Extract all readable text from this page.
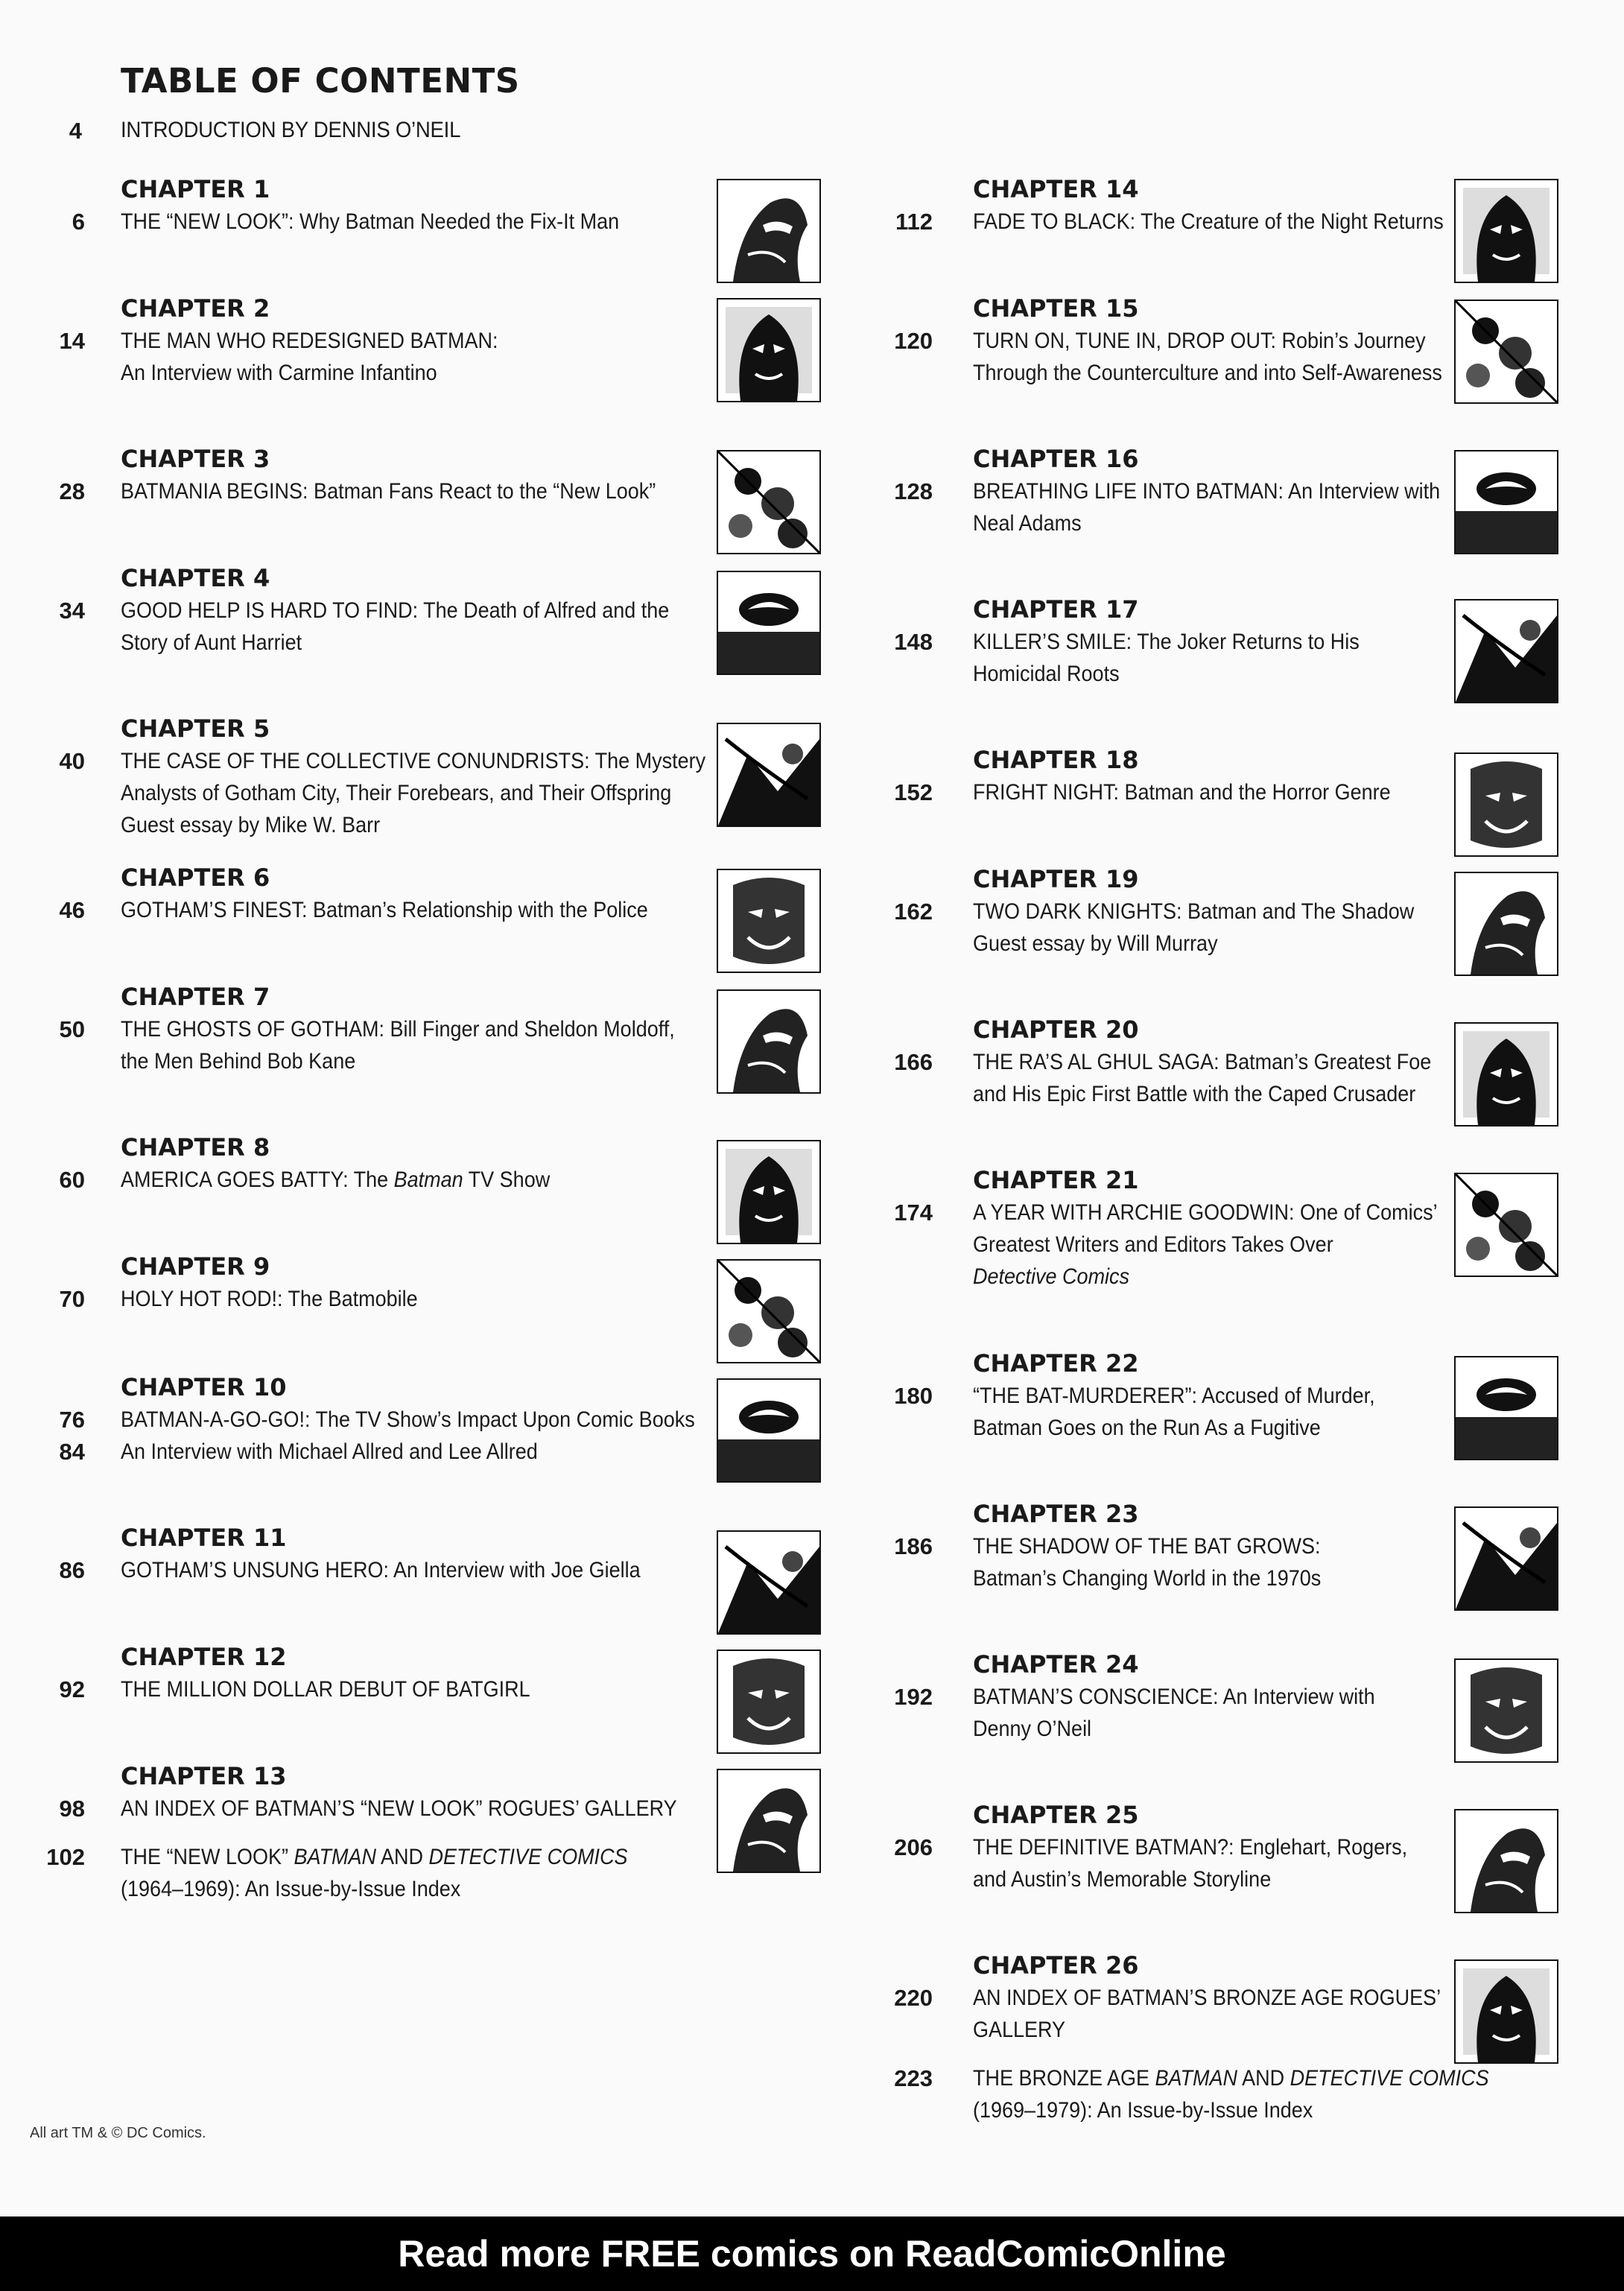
TABLE OF CONTENTS
4 INTRODUCTION BY DENNIS O’NEIL
CHAPTER 1
THE “NEW LOOK”: Why Batman Needed the Fix-It Man
6
CHAPTER 2
THE MAN WHO REDESIGNED BATMAN:
An Interview with Carmine Infantino
14
CHAPTER 3
BATMANIA BEGINS: Batman Fans React to the “New Look”
28
CHAPTER 4
GOOD HELP IS HARD TO FIND: The Death of Alfred and the
Story of Aunt Harriet
34
CHAPTER 5
THE CASE OF THE COLLECTIVE CONUNDRISTS: The Mystery
Analysts of Gotham City, Their Forebears, and Their Offspring
Guest essay by Mike W. Barr
40
CHAPTER 6
GOTHAM’S FINEST: Batman’s Relationship with the Police
46
CHAPTER 7
THE GHOSTS OF GOTHAM: Bill Finger and Sheldon Moldoff,
the Men Behind Bob Kane
50
CHAPTER 8
AMERICA GOES BATTY: The Batman TV Show
60
CHAPTER 9
HOLY HOT ROD!: The Batmobile
70
CHAPTER 10
BATMAN-A-GO-GO!: The TV Show’s Impact Upon Comic Books
An Interview with Michael Allred and Lee Allred
76
84
CHAPTER 11
GOTHAM’S UNSUNG HERO: An Interview with Joe Giella
86
CHAPTER 12
THE MILLION DOLLAR DEBUT OF BATGIRL
92
CHAPTER 13
AN INDEX OF BATMAN’S “NEW LOOK” ROGUES’ GALLERY
THE “NEW LOOK” BATMAN AND DETECTIVE COMICS
(1964–1969): An Issue-by-Issue Index
98
102
CHAPTER 14
FADE TO BLACK: The Creature of the Night Returns
112
CHAPTER 15
TURN ON, TUNE IN, DROP OUT: Robin’s Journey
Through the Counterculture and into Self-Awareness
120
CHAPTER 16
BREATHING LIFE INTO BATMAN: An Interview with
Neal Adams
128
CHAPTER 17
KILLER’S SMILE: The Joker Returns to His
Homicidal Roots
148
CHAPTER 18
FRIGHT NIGHT: Batman and the Horror Genre
152
CHAPTER 19
TWO DARK KNIGHTS: Batman and The Shadow
Guest essay by Will Murray
162
CHAPTER 20
THE RA’S AL GHUL SAGA: Batman’s Greatest Foe
and His Epic First Battle with the Caped Crusader
166
CHAPTER 21
A YEAR WITH ARCHIE GOODWIN: One of Comics’
Greatest Writers and Editors Takes Over
Detective Comics
174
CHAPTER 22
“THE BAT-MURDERER”: Accused of Murder,
Batman Goes on the Run As a Fugitive
180
CHAPTER 23
THE SHADOW OF THE BAT GROWS:
Batman’s Changing World in the 1970s
186
CHAPTER 24
BATMAN’S CONSCIENCE: An Interview with
Denny O’Neil
192
CHAPTER 25
THE DEFINITIVE BATMAN?: Englehart, Rogers,
and Austin’s Memorable Storyline
206
CHAPTER 26
AN INDEX OF BATMAN’S BRONZE AGE ROGUES’
GALLERY
THE BRONZE AGE BATMAN AND DETECTIVE COMICS
(1969–1979): An Issue-by-Issue Index
220
223
All art TM & © DC Comics.
Read more FREE comics on ReadComicOnline
